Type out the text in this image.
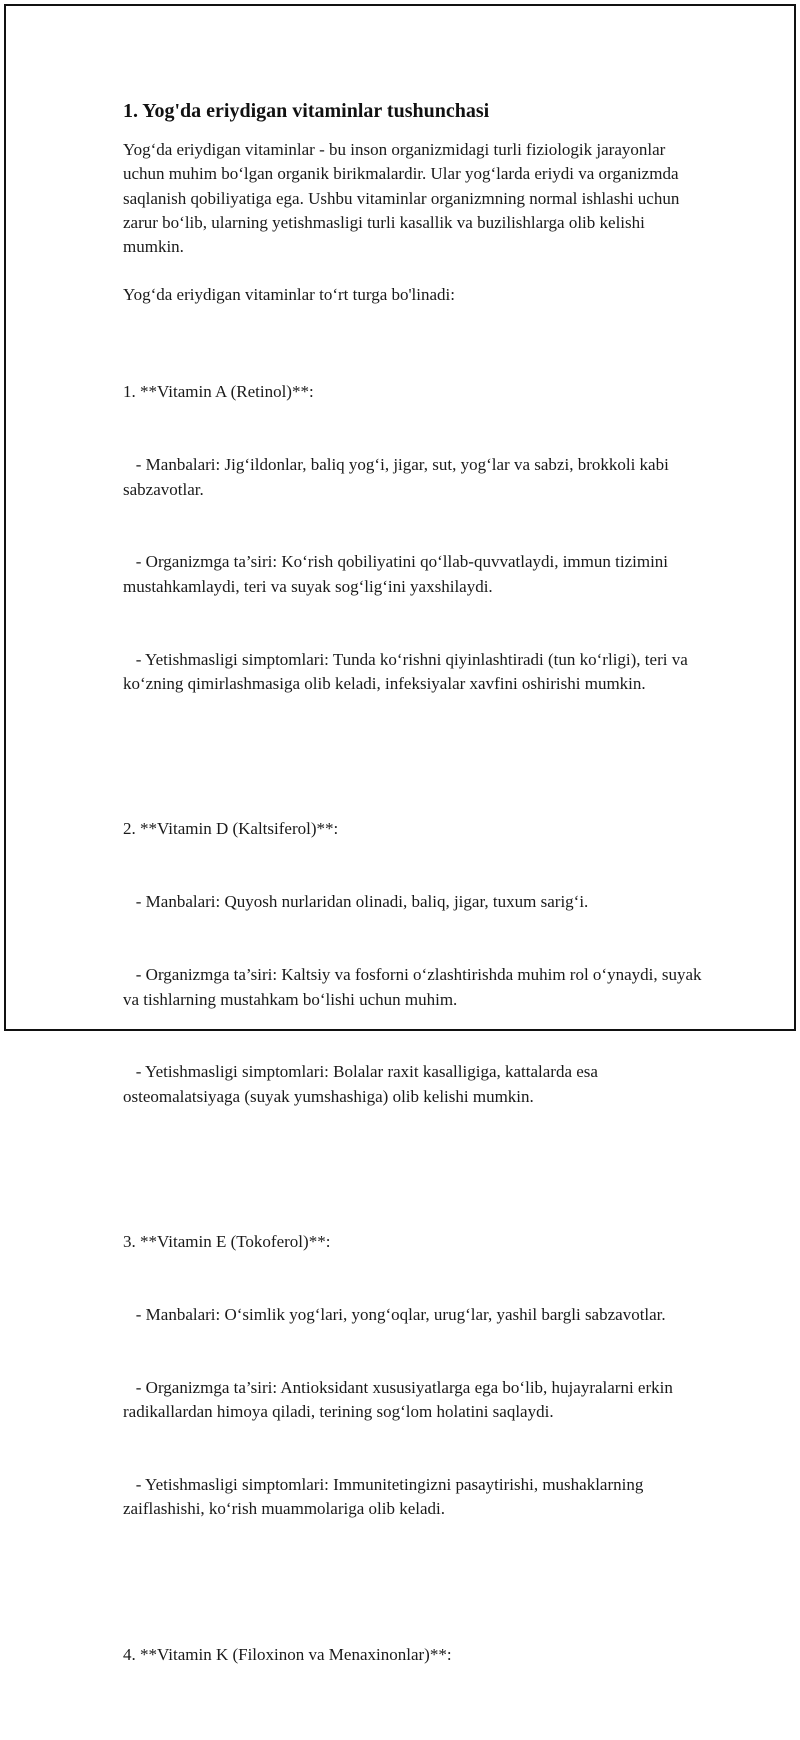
1. Yog'da eriydigan vitaminlar tushunchasi

Yog‘da eriydigan vitaminlar - bu inson organizmidagi turli fiziologik jarayonlar uchun muhim bo‘lgan organik birikmalardir. Ular yog‘larda eriydi va organizmda saqlanish qobiliyatiga ega. Ushbu vitaminlar organizmning normal ishlashi uchun zarur bo‘lib, ularning yetishmasligi turli kasallik va buzilishlarga olib kelishi mumkin.

Yog‘da eriydigan vitaminlar to‘rt turga bo'linadi:

1. **Vitamin A (Retinol)**:

- Manbalari: Jig‘ildonlar, baliq yog‘i, jigar, sut, yog‘lar va sabzi, brokkoli kabi sabzavotlar.

- Organizmga ta’siri: Ko‘rish qobiliyatini qo‘llab-quvvatlaydi, immun tizimini mustahkamlaydi, teri va suyak sog‘lig‘ini yaxshilaydi.

- Yetishmasligi simptomlari: Tunda ko‘rishni qiyinlashtiradi (tun ko‘rligi), teri va ko‘zning qimirlashmasiga olib keladi, infeksiyalar xavfini oshirishi mumkin.

2. **Vitamin D (Kaltsiferol)**:

- Manbalari: Quyosh nurlaridan olinadi, baliq, jigar, tuxum sarig‘i.

- Organizmga ta’siri: Kaltsiy va fosforni o‘zlashtirishda muhim rol o‘ynaydi, suyak va tishlarning mustahkam bo‘lishi uchun muhim.

- Yetishmasligi simptomlari: Bolalar raxit kasalligiga, kattalarda esa osteomalatsiyaga (suyak yumshashiga) olib kelishi mumkin.

3. **Vitamin E (Tokoferol)**:

- Manbalari: O‘simlik yog‘lari, yong‘oqlar, urug‘lar, yashil bargli sabzavotlar.

- Organizmga ta’siri: Antioksidant xususiyatlarga ega bo‘lib, hujayralarni erkin radikallardan himoya qiladi, terining sog‘lom holatini saqlaydi.

- Yetishmasligi simptomlari: Immunitetingizni pasaytirishi, mushaklarning zaiflashishi, ko‘rish muammolariga olib keladi.

4. **Vitamin K (Filoxinon va Menaxinonlar)**:
